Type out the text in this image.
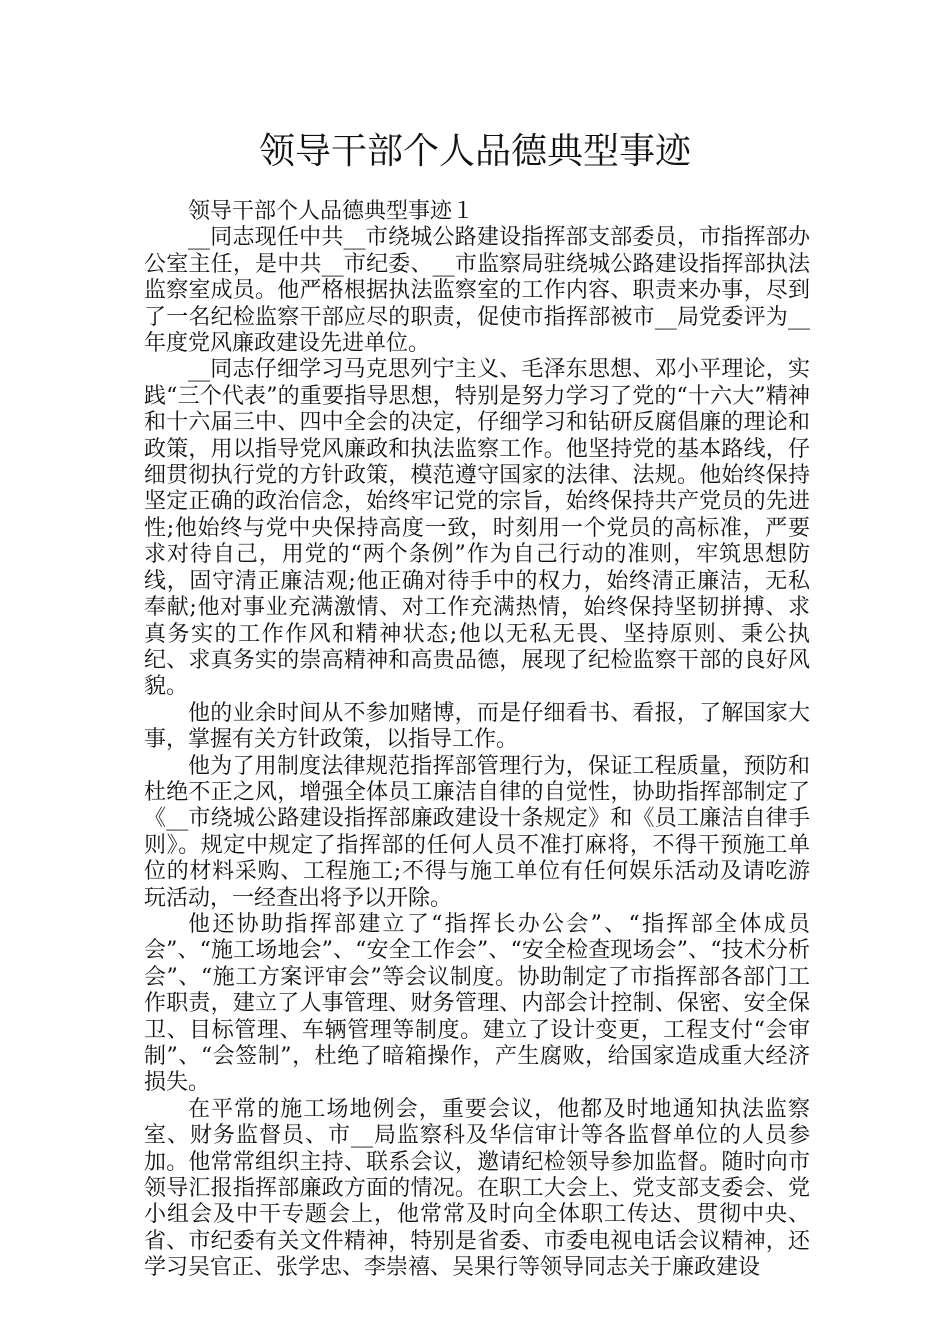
领导干部个人品德典型事迹

领导干部个人品德典型事迹１

__同志现任中共__市绕城公路建设指挥部支部委员，市指挥部办公室主任，是中共__市纪委、__市监察局驻绕城公路建设指挥部执法监察室成员。他严格根据执法监察室的工作内容、职责来办事，尽到了一名纪检监察干部应尽的职责，促使市指挥部被市__局党委评为__年度党风廉政建设先进单位。

__同志仔细学习马克思列宁主义、毛泽东思想、邓小平理论，实践“三个代表”的重要指导思想，特别是努力学习了党的“十六大”精神和十六届三中、四中全会的决定，仔细学习和钻研反腐倡廉的理论和政策，用以指导党风廉政和执法监察工作。他坚持党的基本路线，仔细贯彻执行党的方针政策，模范遵守国家的法律、法规。他始终保持坚定正确的政治信念，始终牢记党的宗旨，始终保持共产党员的先进性;他始终与党中央保持高度一致，时刻用一个党员的高标准，严要求对待自己，用党的“两个条例”作为自己行动的准则，牢筑思想防线，固守清正廉洁观;他正确对待手中的权力，始终清正廉洁，无私奉献;他对事业充满激情、对工作充满热情，始终保持坚韧拼搏、求真务实的工作作风和精神状态;他以无私无畏、坚持原则、秉公执纪、求真务实的崇高精神和高贵品德，展现了纪检监察干部的良好风貌。

他的业余时间从不参加赌博，而是仔细看书、看报，了解国家大事，掌握有关方针政策，以指导工作。

他为了用制度法律规范指挥部管理行为，保证工程质量，预防和杜绝不正之风，增强全体员工廉洁自律的自觉性，协助指挥部制定了《__市绕城公路建设指挥部廉政建设十条规定》和《员工廉洁自律手则》。规定中规定了指挥部的任何人员不准打麻将，不得干预施工单位的材料采购、工程施工;不得与施工单位有任何娱乐活动及请吃游玩活动，一经查出将予以开除。

他还协助指挥部建立了“指挥长办公会”、“指挥部全体成员会”、“施工场地会”、“安全工作会”、“安全检查现场会”、“技术分析会”、“施工方案评审会”等会议制度。协助制定了市指挥部各部门工作职责，建立了人事管理、财务管理、内部会计控制、保密、安全保卫、目标管理、车辆管理等制度。建立了设计变更，工程支付“会审制”、“会签制”，杜绝了暗箱操作，产生腐败，给国家造成重大经济损失。

在平常的施工场地例会，重要会议，他都及时地通知执法监察室、财务监督员、市__局监察科及华信审计等各监督单位的人员参加。他常常组织主持、联系会议，邀请纪检领导参加监督。随时向市领导汇报指挥部廉政方面的情况。在职工大会上、党支部支委会、党小组会及中干专题会上，他常常及时向全体职工传达、贯彻中央、省、市纪委有关文件精神，特别是省委、市委电视电话会议精神，还学习吴官正、张学忠、李崇禧、吴果行等领导同志关于廉政建设
